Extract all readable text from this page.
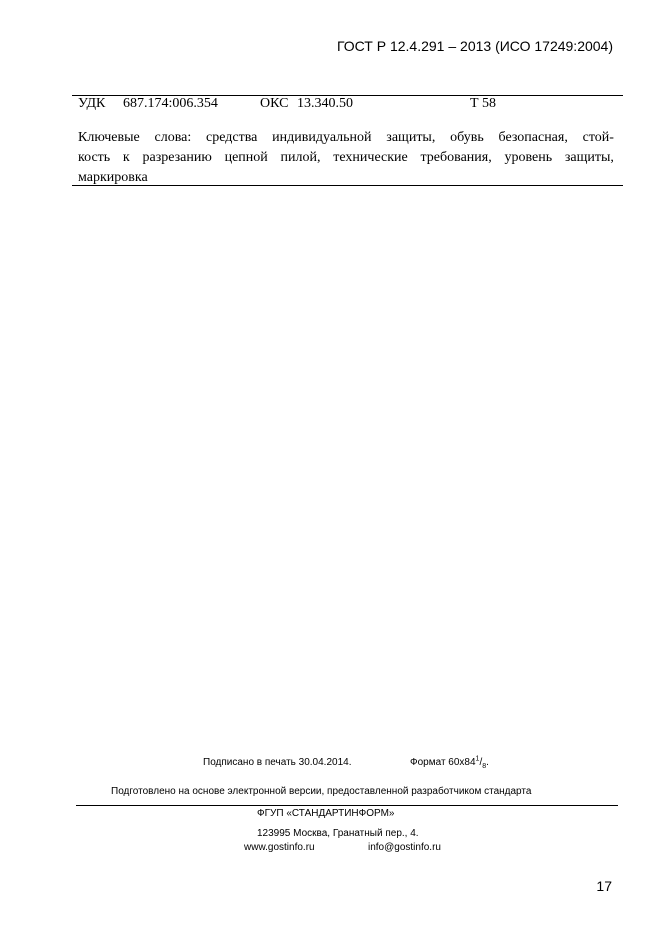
ГОСТ Р 12.4.291 – 2013 (ИСО 17249:2004)
УДК 687.174:006.354	ОКС 13.340.50	Т 58
Ключевые слова: средства индивидуальной защиты, обувь безопасная, стой-
кость к разрезанию цепной пилой, технические требования, уровень защиты,
маркировка
Подписано в печать 30.04.2014.	Формат $60х84^1/_8$.
Подготовлено на основе электронной версии, предоставленной разработчиком стандарта
ФГУП «СТАНДАРТИНФОРМ»
123995 Москва, Гранатный пер., 4.
www.gostinfo.ru	info@gostinfo.ru
17
